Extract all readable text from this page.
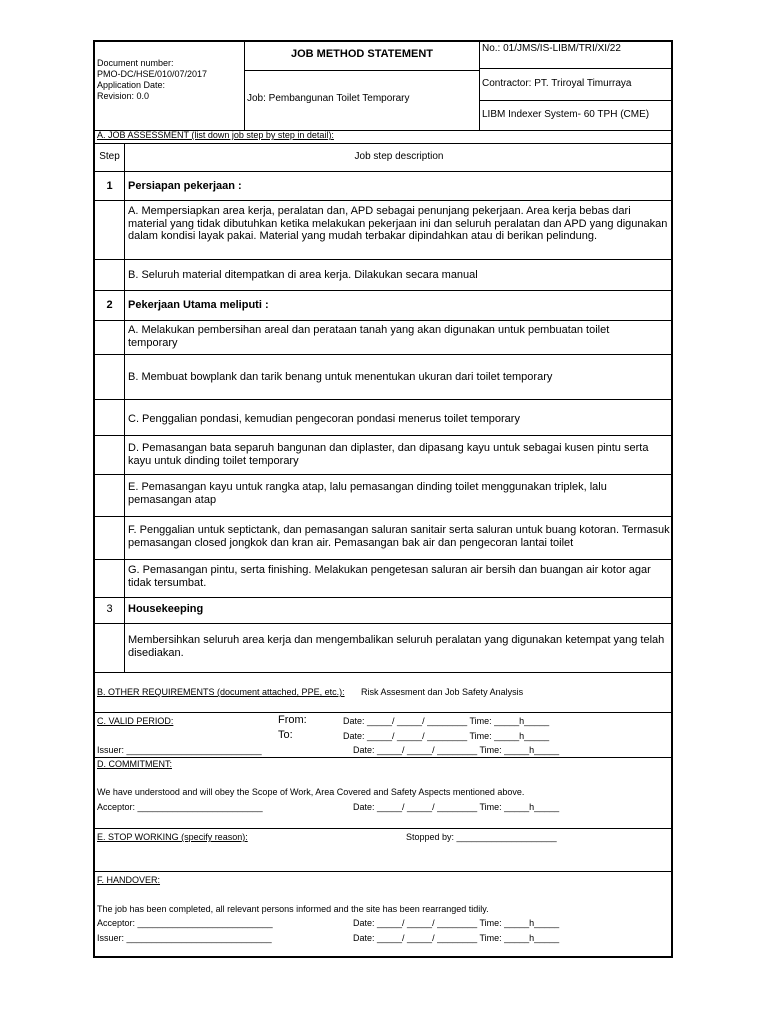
Document number:
PMO-DC/HSE/010/07/2017
Application Date:
Revision: 0.0
JOB METHOD STATEMENT
Job: Pembangunan Toilet Temporary
No.: 01/JMS/IS-LIBM/TRI/XI/22
Contractor: PT. Triroyal Timurraya
LIBM Indexer System- 60 TPH (CME)
A. JOB ASSESSMENT (list down job step by step in detail):
Step	Job step description
1	Persiapan pekerjaan :
A. Mempersiapkan area kerja, peralatan dan, APD sebagai penunjang pekerjaan. Area kerja bebas dari material yang tidak dibutuhkan ketika melakukan pekerjaan ini dan seluruh peralatan dan APD yang digunakan dalam kondisi layak pakai. Material yang mudah terbakar dipindahkan atau di berikan pelindung.
B. Seluruh material ditempatkan di area kerja. Dilakukan secara manual
2	Pekerjaan Utama meliputi :
A. Melakukan pembersihan areal dan perataan tanah yang akan digunakan untuk pembuatan toilet temporary
B. Membuat bowplank dan tarik benang untuk menentukan ukuran dari toilet temporary
C. Penggalian pondasi, kemudian pengecoran pondasi menerus toilet temporary
D. Pemasangan bata separuh bangunan dan diplaster, dan dipasang kayu untuk sebagai kusen pintu serta kayu untuk dinding toilet temporary
E. Pemasangan kayu untuk rangka atap, lalu pemasangan dinding toilet menggunakan triplek, lalu pemasangan atap
F. Penggalian untuk septictank, dan pemasangan saluran sanitair serta saluran untuk buang kotoran. Termasuk pemasangan closed jongkok dan kran air. Pemasangan bak air dan pengecoran lantai toilet
G. Pemasangan pintu, serta finishing. Melakukan pengetesan saluran air bersih dan buangan air kotor agar tidak tersumbat.
3	Housekeeping
Membersihkan seluruh area kerja dan mengembalikan seluruh peralatan yang digunakan ketempat yang telah disediakan.
B. OTHER REQUIREMENTS (document attached, PPE, etc.): Risk Assesment dan Job Safety Analysis
C. VALID PERIOD:	From:	Date: _____/ _____/ ________ Time: _____h_____
To:	Date: _____/ _____/ ________ Time: _____h_____
Issuer: ___________________________	Date: _____/ _____/ ________ Time: _____h_____
D. COMMITMENT:
We have understood and will obey the Scope of Work, Area Covered and Safety Aspects mentioned above.
Acceptor: _________________________	Date: _____/ _____/ ________ Time: _____h_____
E. STOP WORKING (specify reason):	Stopped by: ____________________
F. HANDOVER:
The job has been completed, all relevant persons informed and the site has been rearranged tidily.
Acceptor: ___________________________	Date: _____/ _____/ ________ Time: _____h_____
Issuer: _____________________________	Date: _____/ _____/ ________ Time: _____h_____
